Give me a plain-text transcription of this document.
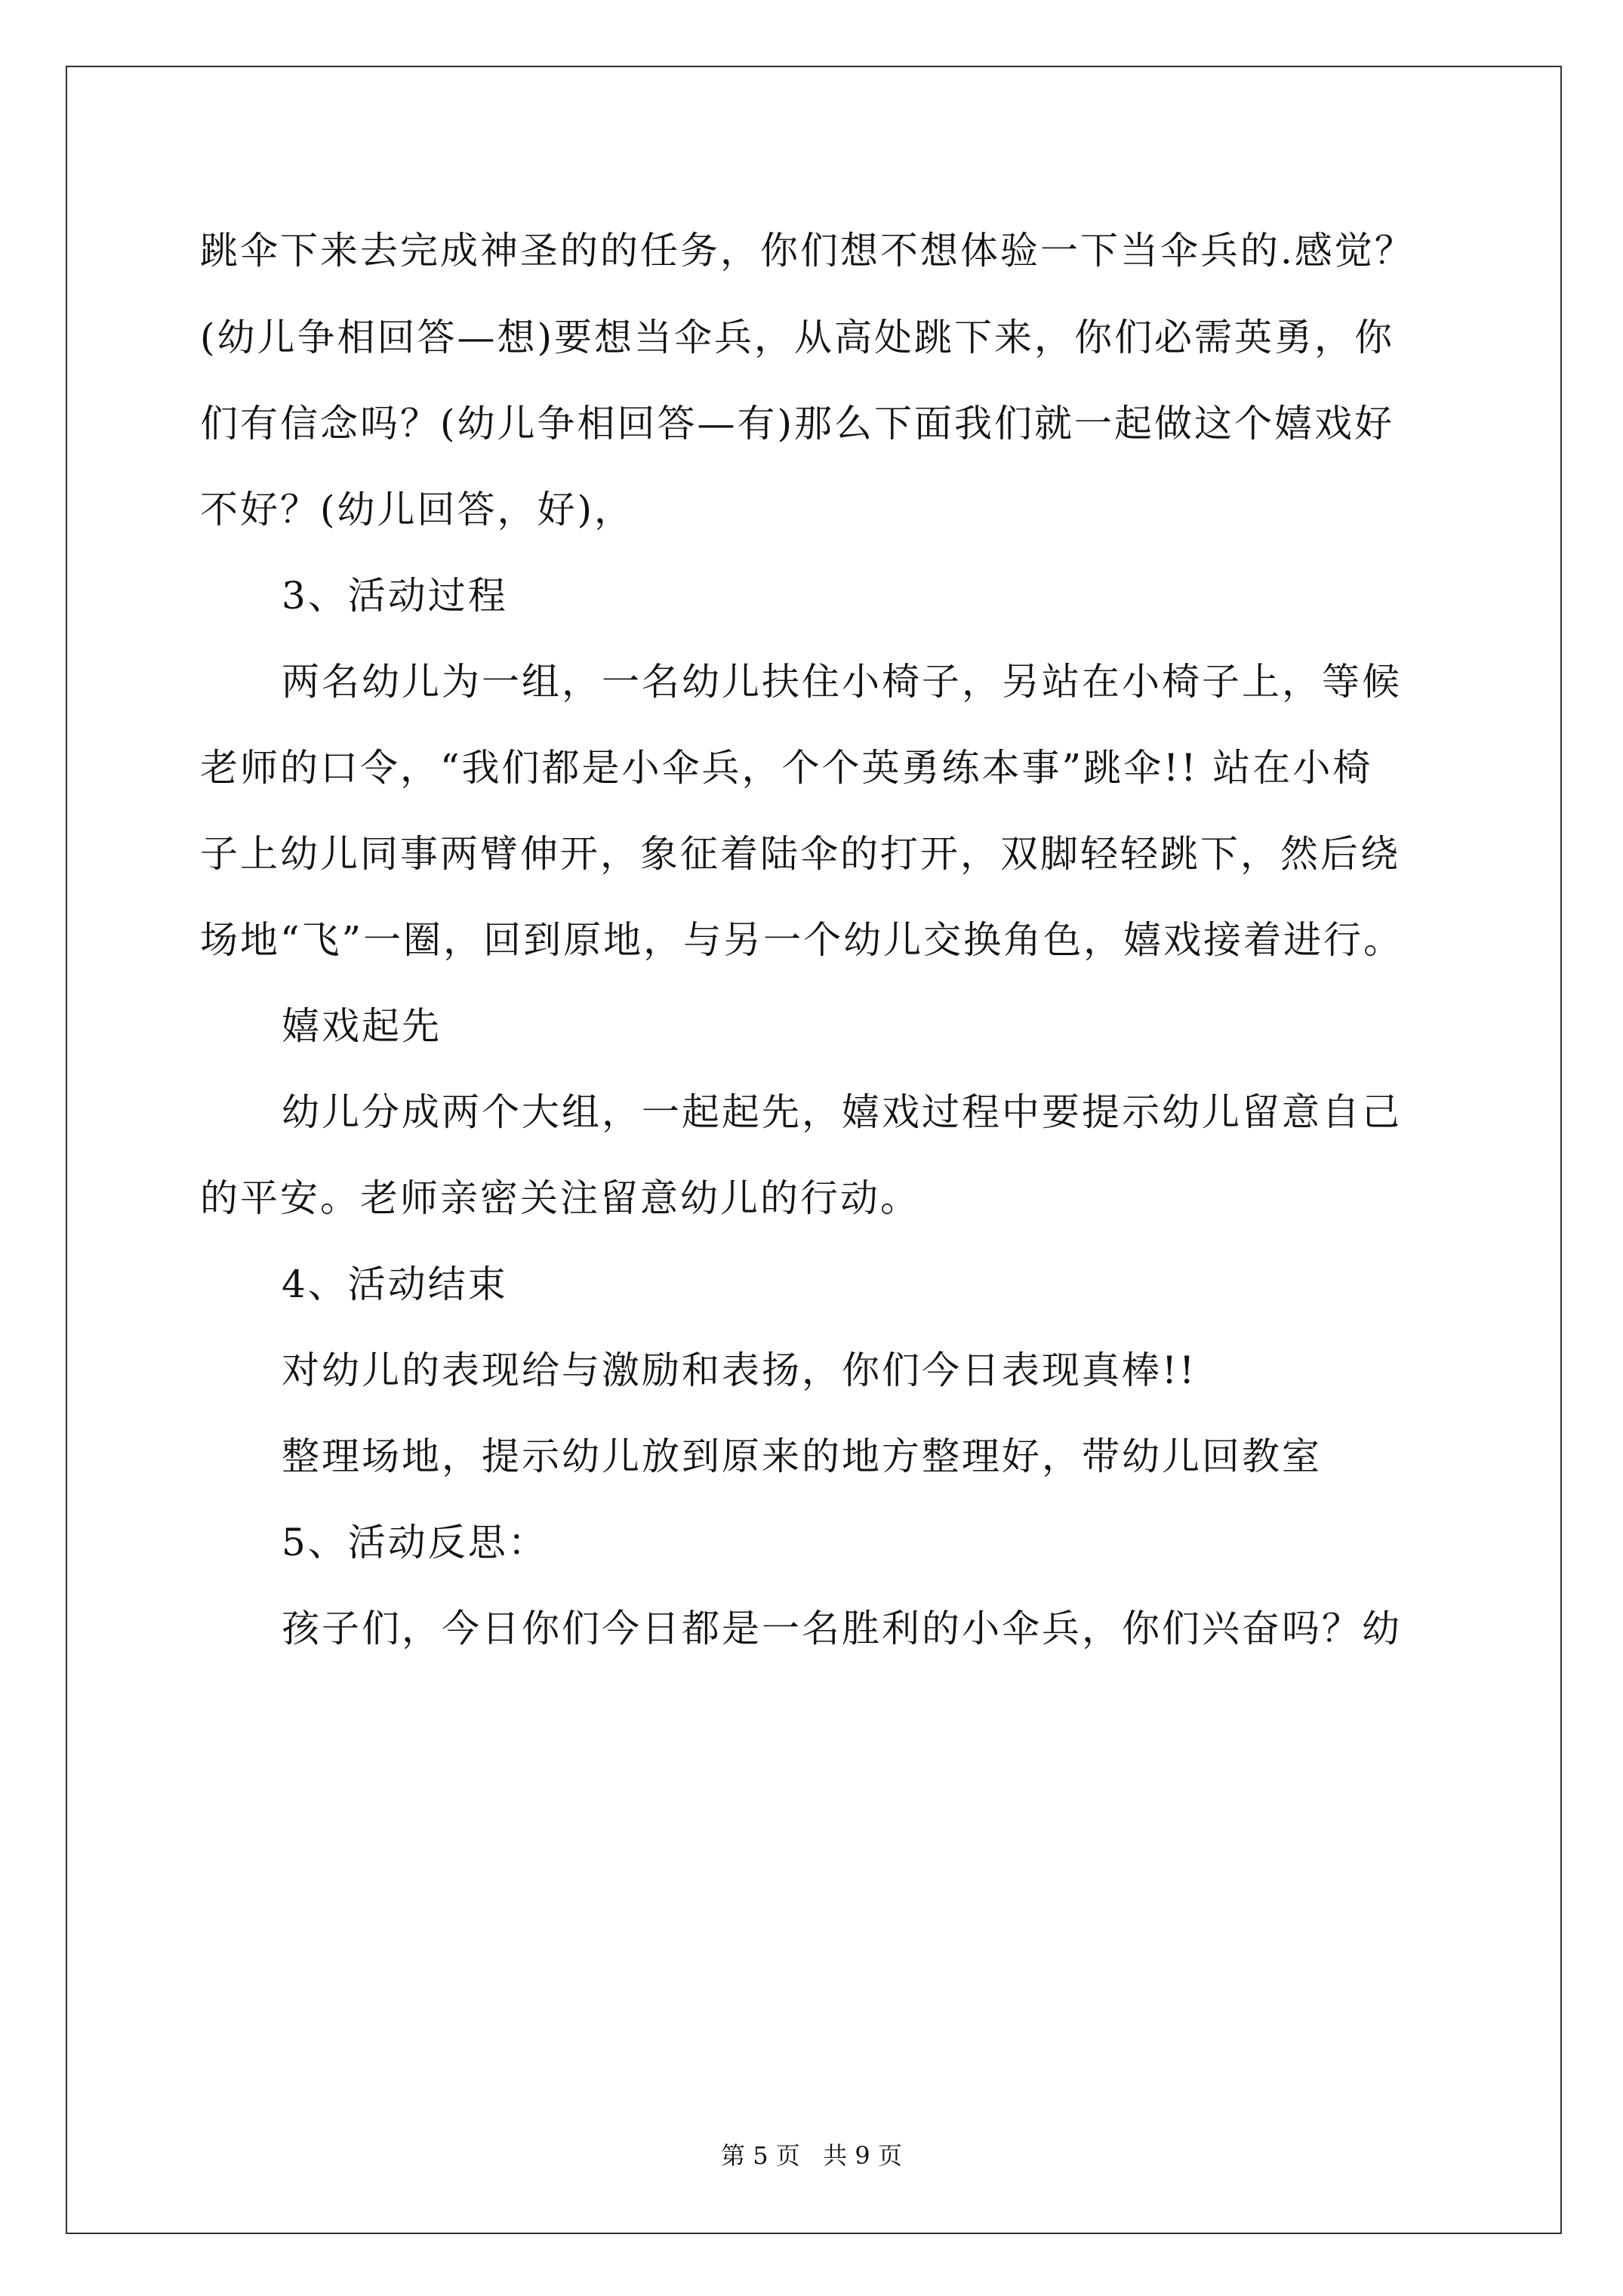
跳伞下来去完成神圣的的任务，你们想不想体验一下当伞兵的.感觉？
(幼儿争相回答—想)要想当伞兵，从高处跳下来，你们必需英勇，你
们有信念吗？(幼儿争相回答—有)那么下面我们就一起做这个嬉戏好
不好？(幼儿回答，好)，
3、活动过程
两名幼儿为一组，一名幼儿扶住小椅子，另站在小椅子上，等候
老师的口令，“我们都是小伞兵，个个英勇练本事”跳伞!! 站在小椅
子上幼儿同事两臂伸开，象征着陆伞的打开，双脚轻轻跳下，然后绕
场地“飞”一圈，回到原地，与另一个幼儿交换角色，嬉戏接着进行。
嬉戏起先
幼儿分成两个大组，一起起先，嬉戏过程中要提示幼儿留意自己
的平安。老师亲密关注留意幼儿的行动。
4、活动结束
对幼儿的表现给与激励和表扬，你们今日表现真棒!!
整理场地，提示幼儿放到原来的地方整理好，带幼儿回教室
5、活动反思：
孩子们，今日你们今日都是一名胜利的小伞兵，你们兴奋吗？幼
第 5 页   共 9 页
